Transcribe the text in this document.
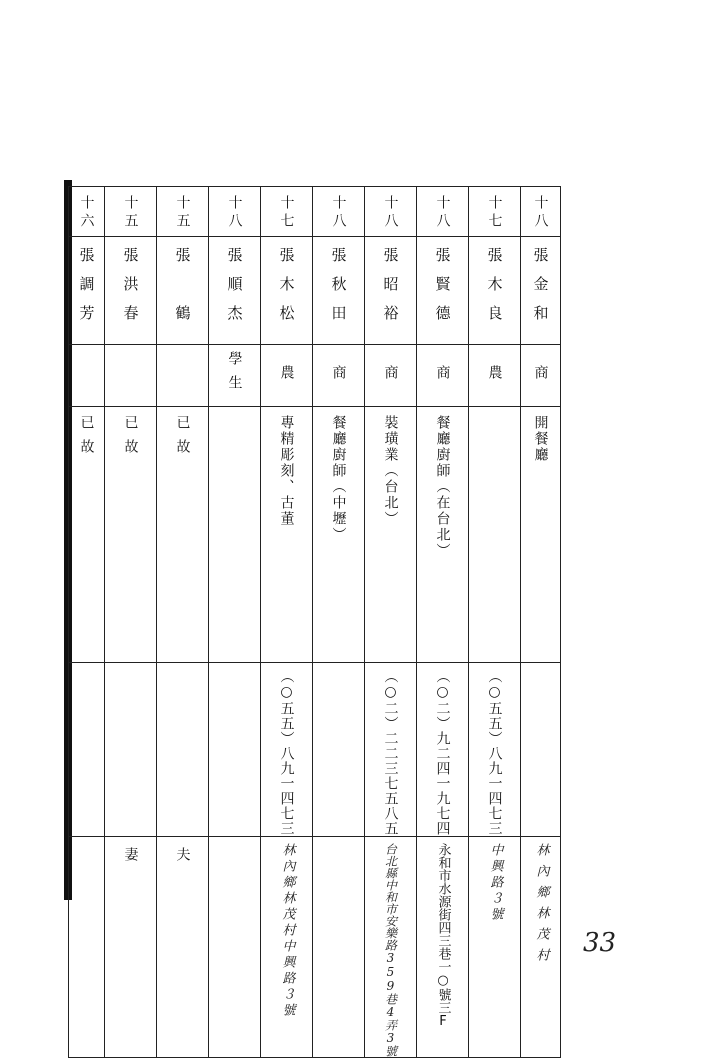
十六	十五	十五	十八	十七	十八	十八	十八	十七	十八

張調芳	張洪春	張　鶴	張順杰	張木松	張秋田	張昭裕	張賢德	張木良	張金和

			學生	農	商	商	商	農	商

已故	已故	已故		專精彫刻、古董	餐廳廚師（中壢）	裝璜業（台北）	餐廳廚師（在台北）		開餐廳

				（○五五）八九一四七三		（○二）二二三七五八五	（○二）九二四一九七四	（○五五）八九一四七三	

	妻	夫		林內鄉林茂村中興路３號		台北縣中和市安樂路359巷4弄3號	永和市水源街四三巷一○號三F	中興路３號	林內鄉林茂村 33
